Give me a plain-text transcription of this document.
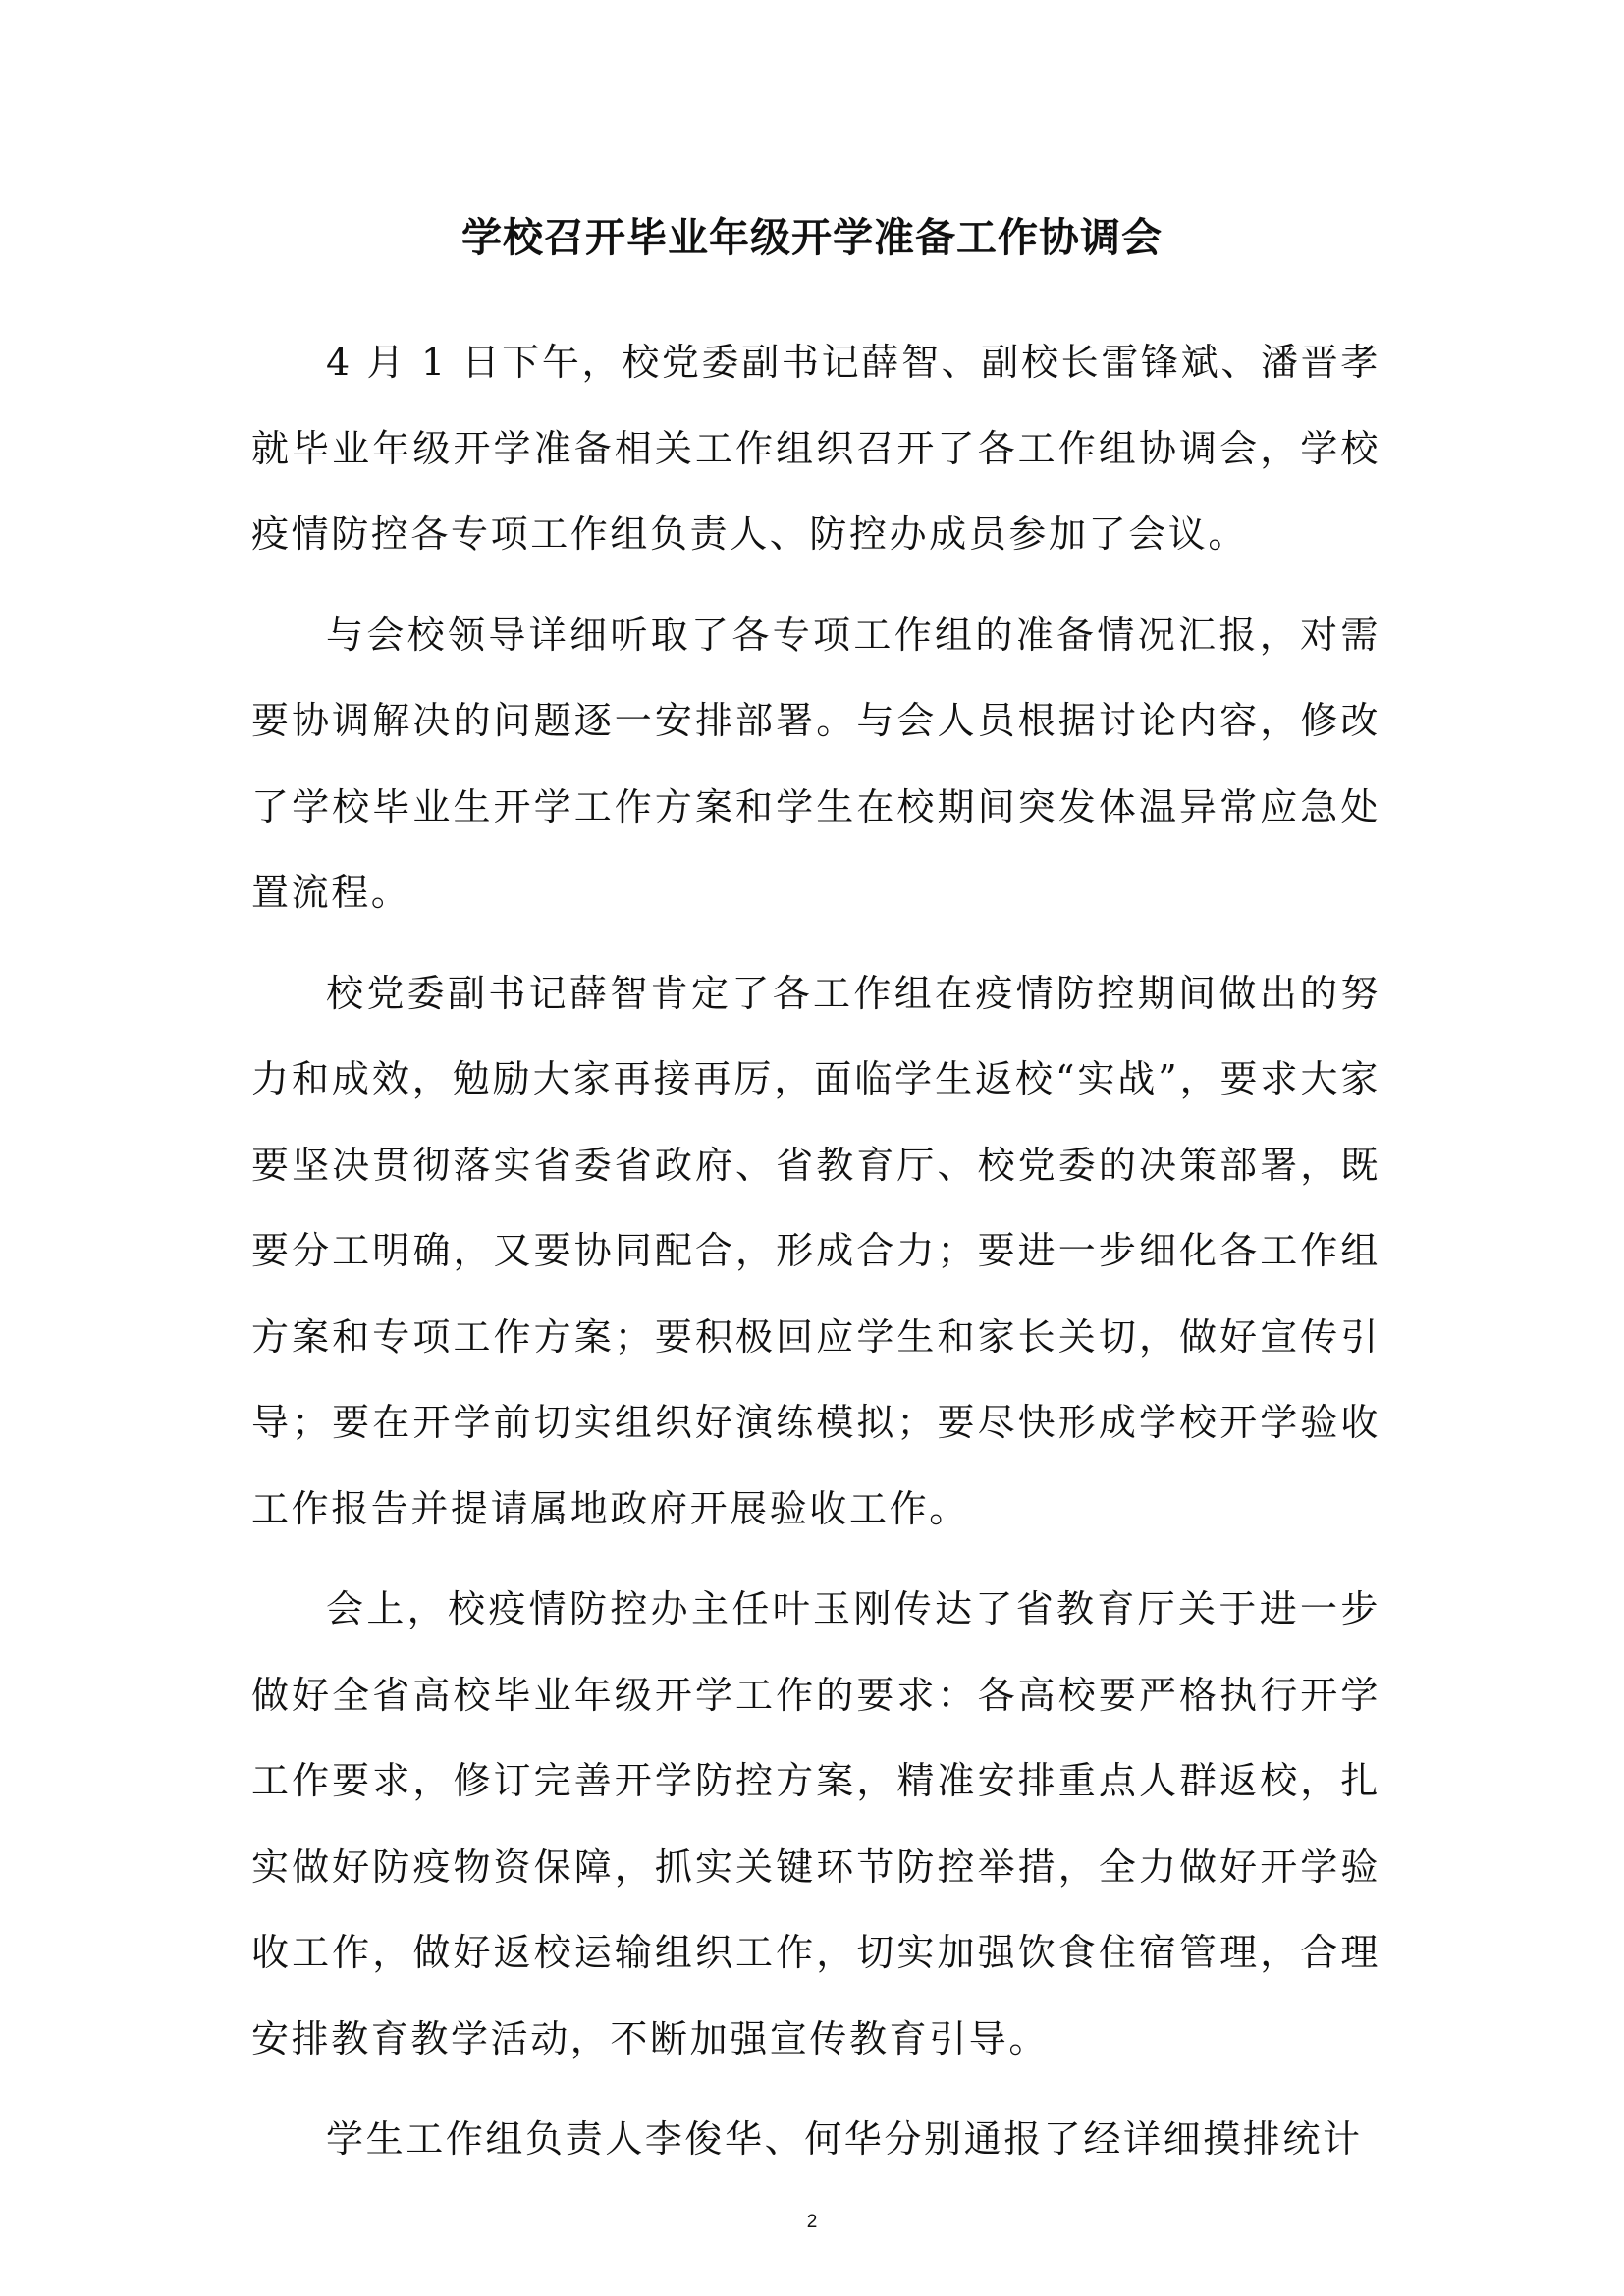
学校召开毕业年级开学准备工作协调会

4 月 1 日下午，校党委副书记薛智、副校长雷锋斌、潘晋孝就毕业年级开学准备相关工作组织召开了各工作组协调会，学校疫情防控各专项工作组负责人、防控办成员参加了会议。

与会校领导详细听取了各专项工作组的准备情况汇报，对需要协调解决的问题逐一安排部署。与会人员根据讨论内容，修改了学校毕业生开学工作方案和学生在校期间突发体温异常应急处置流程。

校党委副书记薛智肯定了各工作组在疫情防控期间做出的努力和成效，勉励大家再接再厉，面临学生返校“实战”，要求大家要坚决贯彻落实省委省政府、省教育厅、校党委的决策部署，既要分工明确，又要协同配合，形成合力；要进一步细化各工作组方案和专项工作方案；要积极回应学生和家长关切，做好宣传引导；要在开学前切实组织好演练模拟；要尽快形成学校开学验收工作报告并提请属地政府开展验收工作。

会上，校疫情防控办主任叶玉刚传达了省教育厅关于进一步做好全省高校毕业年级开学工作的要求：各高校要严格执行开学工作要求，修订完善开学防控方案，精准安排重点人群返校，扎实做好防疫物资保障，抓实关键环节防控举措，全力做好开学验收工作，做好返校运输组织工作，切实加强饮食住宿管理，合理安排教育教学活动，不断加强宣传教育引导。

学生工作组负责人李俊华、何华分别通报了经详细摸排统计

2
